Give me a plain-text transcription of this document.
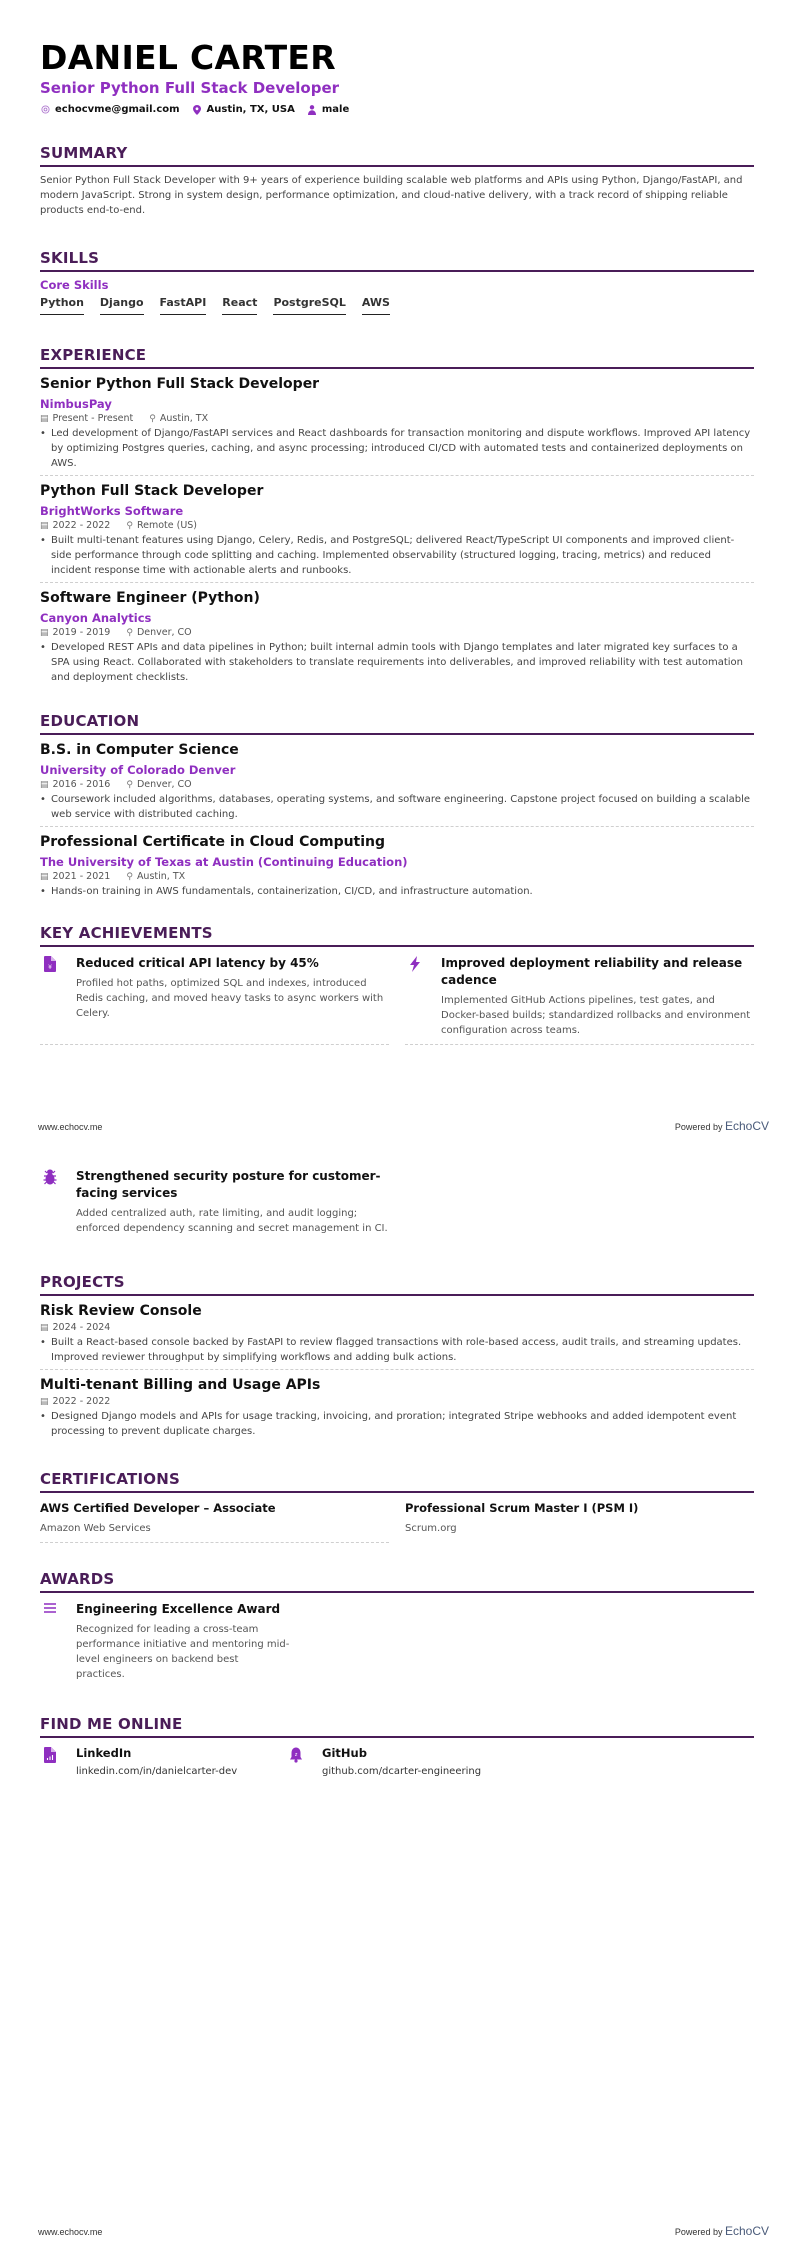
DANIEL CARTER
Senior Python Full Stack Developer
echocvme@gmail.com	Austin, TX, USA	male
SUMMARY
Senior Python Full Stack Developer with 9+ years of experience building scalable web platforms and APIs using Python, Django/FastAPI, and modern JavaScript. Strong in system design, performance optimization, and cloud-native delivery, with a track record of shipping reliable products end-to-end.
SKILLS
Core Skills
Python Django FastAPI React PostgreSQL AWS
EXPERIENCE
Senior Python Full Stack Developer
NimbusPay
▤ Present - Present ⚲ Austin, TX
• Led development of Django/FastAPI services and React dashboards for transaction monitoring and dispute workflows. Improved API latency by optimizing Postgres queries, caching, and async processing; introduced CI/CD with automated tests and containerized deployments on AWS.
Python Full Stack Developer
BrightWorks Software
▤ 2022 - 2022 ⚲ Remote (US)
• Built multi-tenant features using Django, Celery, Redis, and PostgreSQL; delivered React/TypeScript UI components and improved client-side performance through code splitting and caching. Implemented observability (structured logging, tracing, metrics) and reduced incident response time with actionable alerts and runbooks.
Software Engineer (Python)
Canyon Analytics
▤ 2019 - 2019 ⚲ Denver, CO
• Developed REST APIs and data pipelines in Python; built internal admin tools with Django templates and later migrated key surfaces to a SPA using React. Collaborated with stakeholders to translate requirements into deliverables, and improved reliability with test automation and deployment checklists.
EDUCATION
B.S. in Computer Science
University of Colorado Denver
▤ 2016 - 2016 ⚲ Denver, CO
• Coursework included algorithms, databases, operating systems, and software engineering. Capstone project focused on building a scalable web service with distributed caching.
Professional Certificate in Cloud Computing
The University of Texas at Austin (Continuing Education)
▤ 2021 - 2021 ⚲ Austin, TX
• Hands-on training in AWS fundamentals, containerization, CI/CD, and infrastructure automation.
KEY ACHIEVEMENTS
¥ Reduced critical API latency by 45%
Profiled hot paths, optimized SQL and indexes, introduced Redis caching, and moved heavy tasks to async workers with Celery.
Improved deployment reliability and release cadence
Implemented GitHub Actions pipelines, test gates, and Docker-based builds; standardized rollbacks and environment configuration across teams.
www.echocv.me	Powered by EchoCV
Strengthened security posture for customer-facing services
Added centralized auth, rate limiting, and audit logging; enforced dependency scanning and secret management in CI.
PROJECTS
Risk Review Console
▤ 2024 - 2024
• Built a React-based console backed by FastAPI to review flagged transactions with role-based access, audit trails, and streaming updates. Improved reviewer throughput by simplifying workflows and adding bulk actions.
Multi-tenant Billing and Usage APIs
▤ 2022 - 2022
• Designed Django models and APIs for usage tracking, invoicing, and proration; integrated Stripe webhooks and added idempotent event processing to prevent duplicate charges.
CERTIFICATIONS
AWS Certified Developer – Associate
Amazon Web Services
Professional Scrum Master I (PSM I)
Scrum.org
AWARDS
Engineering Excellence Award
Recognized for leading a cross-team performance initiative and mentoring mid-level engineers on backend best practices.
FIND ME ONLINE
LinkedIn
linkedin.com/in/danielcarter-dev
z GitHub
github.com/dcarter-engineering
www.echocv.me	Powered by EchoCV
